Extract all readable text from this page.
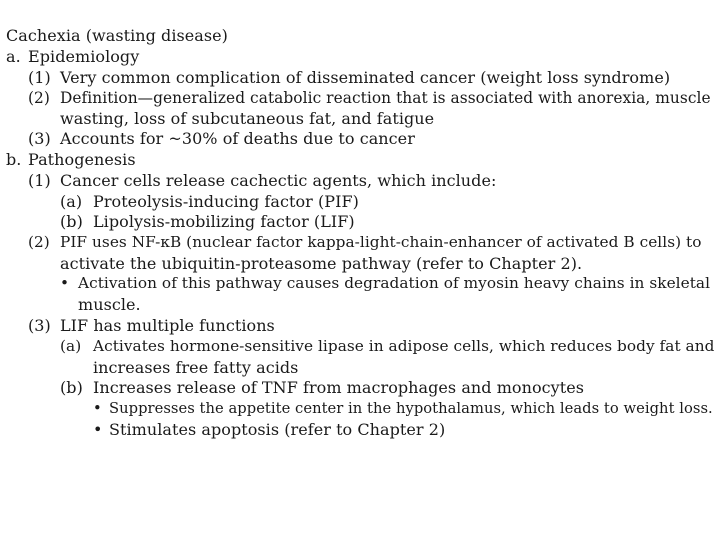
Cachexia (wasting disease)
a. Epidemiology
(1) Very common complication of disseminated cancer (weight loss syndrome)
(2) Definition—generalized catabolic reaction that is associated with anorexia, muscle
wasting, loss of subcutaneous fat, and fatigue
(3) Accounts for ~30% of deaths due to cancer
b. Pathogenesis
(1) Cancer cells release cachectic agents, which include:
(a) Proteolysis-inducing factor (PIF)
(b) Lipolysis-mobilizing factor (LIF)
(2) PIF uses NF-κB (nuclear factor kappa-light-chain-enhancer of activated B cells) to
activate the ubiquitin-proteasome pathway (refer to Chapter 2).
• Activation of this pathway causes degradation of myosin heavy chains in skeletal
muscle.
(3) LIF has multiple functions
(a) Activates hormone-sensitive lipase in adipose cells, which reduces body fat and
increases free fatty acids
(b) Increases release of TNF from macrophages and monocytes
• Suppresses the appetite center in the hypothalamus, which leads to weight loss.
• Stimulates apoptosis (refer to Chapter 2)
